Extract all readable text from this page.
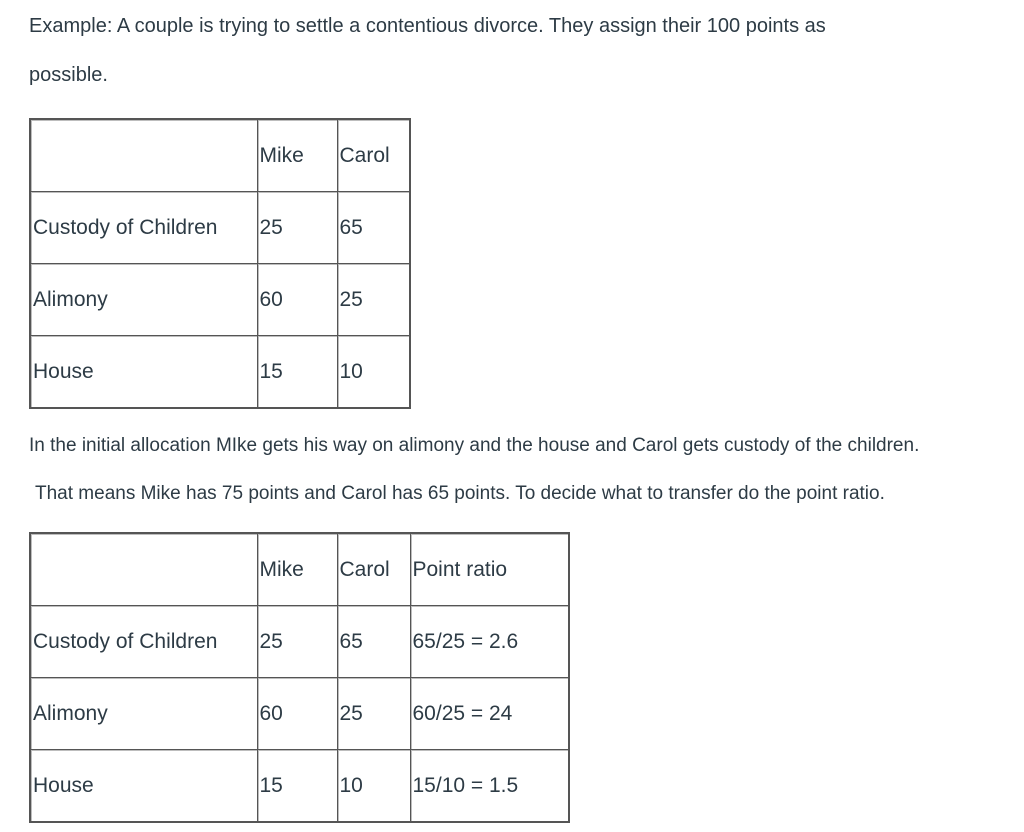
Example: A couple is trying to settle a contentious divorce. They assign their 100 points as

possible.

	Mike	Carol
Custody of Children	25	65
Alimony	60	25
House	15	10

In the initial allocation MIke gets his way on alimony and the house and Carol gets custody of the children.

That means Mike has 75 points and Carol has 65 points. To decide what to transfer do the point ratio.

	Mike	Carol	Point ratio
Custody of Children	25	65	65/25 = 2.6
Alimony	60	25	60/25 = 24
House	15	10	15/10 = 1.5
